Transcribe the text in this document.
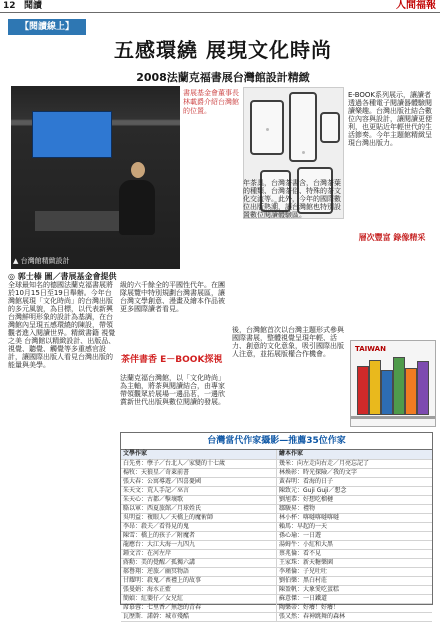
12 聞讀	人間福報
【閱讀線上】
五感環繞 展現文化時尚
2008法蘭克福書展台灣館設計精緻
▲ 台灣館精緻設計
書展基金會董事長林載爵介紹台灣館的位置。
◎ 郭士榛 圖／書展基金會提供
全球最知名的德國法蘭克福書展將於10月15日至19日舉辦。今年台灣館展現「文化時尚」的台灣出版的多元風貌，為目標，以代表新興台灣鮮明形象的設計為基調，在台灣館內呈現五感環繞的陳設，帶領觀者進入閱讀世界。精緻書籍 視覺之美 台灣館以精緻設計、出版品、視覺、聽覺、觸覺等多重感官設計，讓國際出版人看見台灣出版的能量與美學。
級的六千餘全的平國性代年。在團隊展覽中特別規劃台灣書展區，讓台灣文學創意、漫畫及繪本作品被更多國際讀者看見。
年茶具，台灣茶書含，台灣茶葉的種類、台灣茶俗、特殊的茶文化交流等。此外，今年的國際數位出版熱潮，讓台灣館也特別設置數位閱讀體驗區。
E-BOOK系列展示，讓讀者透過各種電子閱讀器體驗閱讀樂趣。台灣出版社結合數位內容與設計，讓閱讀更便利，也更貼近年輕世代的生活節奏。今年主題館精緻呈現台灣出版力。
茶伴書香 E－BOOK探視
法蘭克福台灣館，以「文化時尚」為主軸，將茶與閱讀結合，由專家帶領觀眾於展場一邊品茗，一邊欣賞新世代出版與數位閱讀的發展。
後，台灣館首次以台灣主題形式參與國際書展，整體視覺呈現年輕、活力、創意的文化意象，吸引國際出版人注意，並拓展版權合作機會。
層次豐富 錄像精采
TAIWAN
台灣當代作家攝影—推薦35位作家
文學作家	繪本作家
白先勇：孽子／台北人／家變的十七歲	幾米：向左走向右走／月亮忘記了
楊牧：天狼星／奇萊前書	林煥彰：時光探險／我的文字
張大春：公寓導遊／四喜憂國	黃春明：看海的日子
朱天文：荒人手記／巫言	陳致元：Guji Guji／想念
朱天心：古都／擊壤歌	劉旭恭：好想吃榴槤
駱以軍：西夏旅館／月球姓氏	鄒駿昇：禮物
吳明益：複眼人／天橋上的魔術師	林小杯：喀噠喀噠喀噠
李昂：殺夫／看得見的鬼	賴馬：早起的一天
陳雪：橋上的孩子／附魔者	孫心瑜：一日遊
龍應台：大江大海一九四九	湯姆牛：小紅和大黑
鍾文音：在河左岸	蔡兆倫：看不見
蔣勳：美的覺醒／孤獨六講	王家珠：新天糖樂園
郝譽翔：逆旅／幽冥物語	李瑾倫：子兒吐吐
甘耀明：殺鬼／喪禮上的故事	劉伯樂：黑白村莊
張曼娟：海水正藍	陳盈帆：大象愛吃蛋糕
簡媜：紅嬰仔／女兒紅	蘇意傑：一日鐵道
席慕蓉：七里香／無怨的青春	陶樂蒂：好癢！好癢！
瓦歷斯．諾幹：城市殘酷	張又然：春神跳舞的森林
